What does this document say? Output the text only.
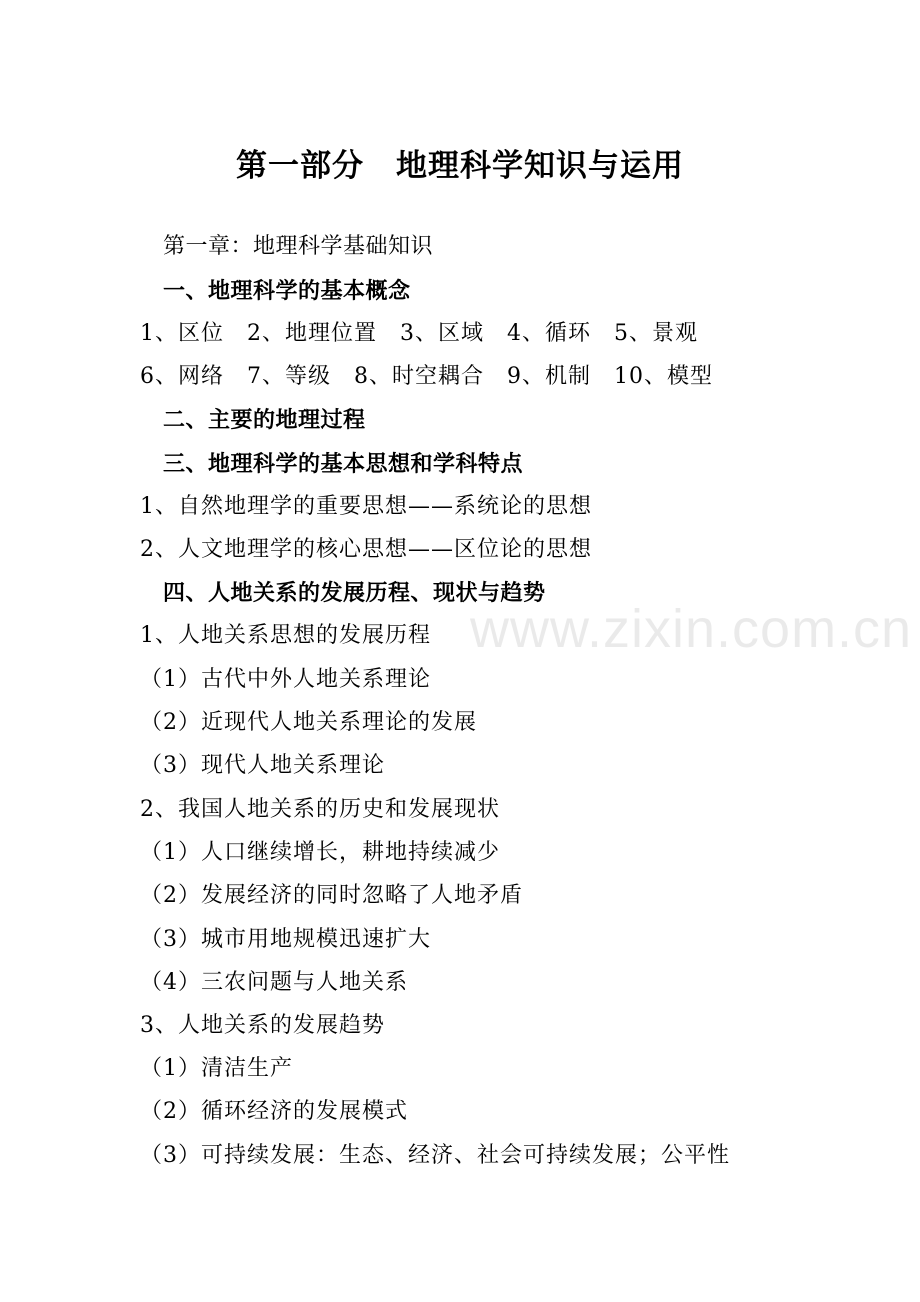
第一部分　地理科学知识与运用
第一章：地理科学基础知识
一、地理科学的基本概念
1、区位　2、地理位置　3、区域　4、循环　5、景观
6、网络　7、等级　8、时空耦合　9、机制　10、模型
二、主要的地理过程
三、地理科学的基本思想和学科特点
1、自然地理学的重要思想——系统论的思想
2、人文地理学的核心思想——区位论的思想
四、人地关系的发展历程、现状与趋势
1、人地关系思想的发展历程
（1）古代中外人地关系理论
（2）近现代人地关系理论的发展
（3）现代人地关系理论
2、我国人地关系的历史和发展现状
（1）人口继续增长，耕地持续减少
（2）发展经济的同时忽略了人地矛盾
（3）城市用地规模迅速扩大
（4）三农问题与人地关系
3、人地关系的发展趋势
（1）清洁生产
（2）循环经济的发展模式
（3）可持续发展：生态、经济、社会可持续发展；公平性
www.zixin.com.cn
